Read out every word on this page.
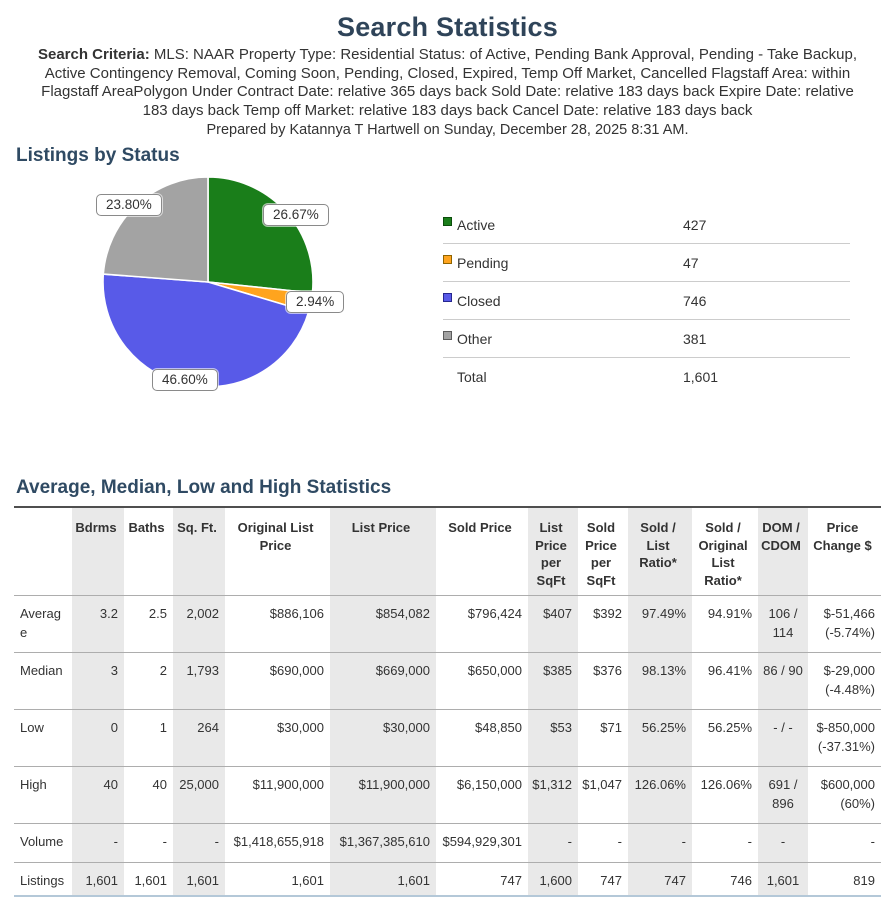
Search Statistics
Search Criteria: MLS: NAAR Property Type: Residential Status: of Active, Pending Bank Approval, Pending - Take Backup, Active Contingency Removal, Coming Soon, Pending, Closed, Expired, Temp Off Market, Cancelled Flagstaff Area: within Flagstaff AreaPolygon Under Contract Date: relative 365 days back Sold Date: relative 183 days back Expire Date: relative 183 days back Temp off Market: relative 183 days back Cancel Date: relative 183 days back
Prepared by Katannya T Hartwell on Sunday, December 28, 2025 8:31 AM.
Listings by Status
23.80%
26.67%
2.94%
46.60%
Active	427
Pending	47
Closed	746
Other	381
Total	1,601
Average, Median, Low and High Statistics
	Bdrms	Baths	Sq. Ft.	Original List Price	List Price	Sold Price	List Price per SqFt	Sold Price per SqFt	Sold / List Ratio*	Sold / Original List Ratio*	DOM / CDOM	Price Change $
Average	3.2	2.5	2,002	$886,106	$854,082	$796,424	$407	$392	97.49%	94.91%	106 / 114	$-51,466 (-5.74%)
Median	3	2	1,793	$690,000	$669,000	$650,000	$385	$376	98.13%	96.41%	86 / 90	$-29,000 (-4.48%)
Low	0	1	264	$30,000	$30,000	$48,850	$53	$71	56.25%	56.25%	- / -	$-850,000 (-37.31%)
High	40	40	25,000	$11,900,000	$11,900,000	$6,150,000	$1,312	$1,047	126.06%	126.06%	691 / 896	$600,000 (60%)
Volume	-	-	-	$1,418,655,918	$1,367,385,610	$594,929,301	-	-	-	-	-	-
Listings	1,601	1,601	1,601	1,601	1,601	747	1,600	747	747	746	1,601	819
